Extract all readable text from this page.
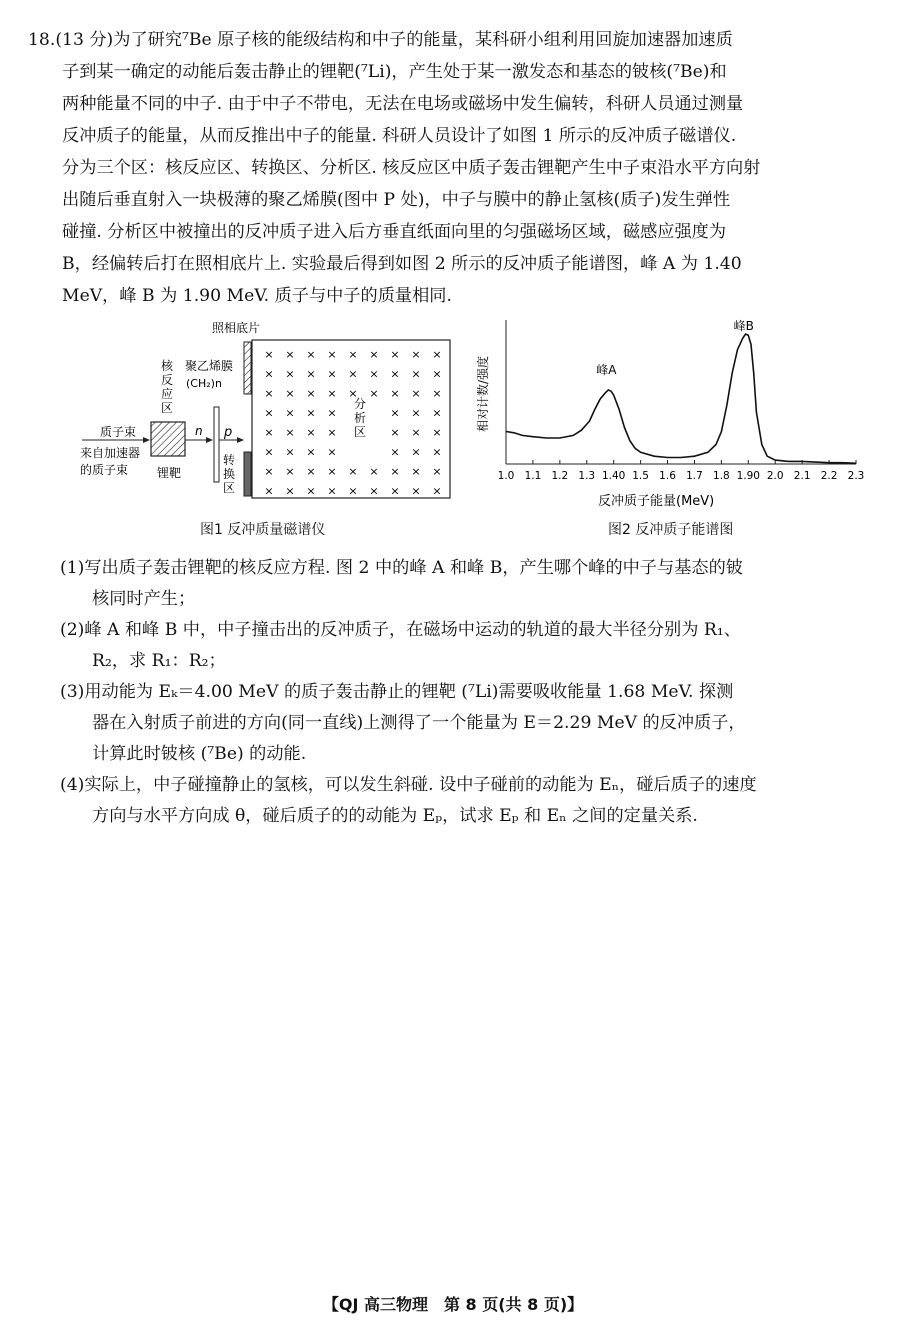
18.(13 分)为了研究⁷Be 原子核的能级结构和中子的能量，某科研小组利用回旋加速器加速质
子到某一确定的动能后轰击静止的锂靶(⁷Li)，产生处于某一激发态和基态的铍核(⁷Be)和
两种能量不同的中子. 由于中子不带电，无法在电场或磁场中发生偏转，科研人员通过测量
反冲质子的能量，从而反推出中子的能量. 科研人员设计了如图 1 所示的反冲质子磁谱仪.
分为三个区：核反应区、转换区、分析区. 核反应区中质子轰击锂靶产生中子束沿水平方向射
出随后垂直射入一块极薄的聚乙烯膜(图中 P 处)，中子与膜中的静止氢核(质子)发生弹性
碰撞. 分析区中被撞出的反冲质子进入后方垂直纸面向里的匀强磁场区域，磁感应强度为
B，经偏转后打在照相底片上. 实验最后得到如图 2 所示的反冲质子能谱图，峰 A 为 1.40
MeV，峰 B 为 1.90 MeV. 质子与中子的质量相同.
照相底片
× × × × × × × × ×
× × × × × × × × ×
× × × × × × × × ×
× × × ×	× × ×
× × × ×	× × ×
× × × ×	× × ×
× × × × × × × × ×
× × × × × × × × ×
分
析
区
核
反
应
区
聚乙烯膜
(CH₂)n
质子束
来自加速器
的质子束 锂靶
n p
转
换
区
图1 反冲质量磁谱仪
相对计数/强度
1.0 1.1 1.2 1.3 1.40 1.5 1.6 1.7 1.8 1.90 2.0 2.1 2.2 2.3
峰A
峰B
反冲质子能量(MeV)
图2 反冲质子能谱图
(1)写出质子轰击锂靶的核反应方程. 图 2 中的峰 A 和峰 B，产生哪个峰的中子与基态的铍
核同时产生；
(2)峰 A 和峰 B 中，中子撞击出的反冲质子，在磁场中运动的轨道的最大半径分别为 R₁、
R₂，求 R₁：R₂；
(3)用动能为 Eₖ＝4.00 MeV 的质子轰击静止的锂靶 (⁷Li)需要吸收能量 1.68 MeV. 探测
器在入射质子前进的方向(同一直线)上测得了一个能量为 E＝2.29 MeV 的反冲质子，
计算此时铍核 (⁷Be) 的动能.
(4)实际上，中子碰撞静止的氢核，可以发生斜碰. 设中子碰前的动能为 Eₙ，碰后质子的速度
方向与水平方向成 θ，碰后质子的的动能为 Eₚ，试求 Eₚ 和 Eₙ 之间的定量关系.
【QJ 高三物理　第 8 页(共 8 页)】
